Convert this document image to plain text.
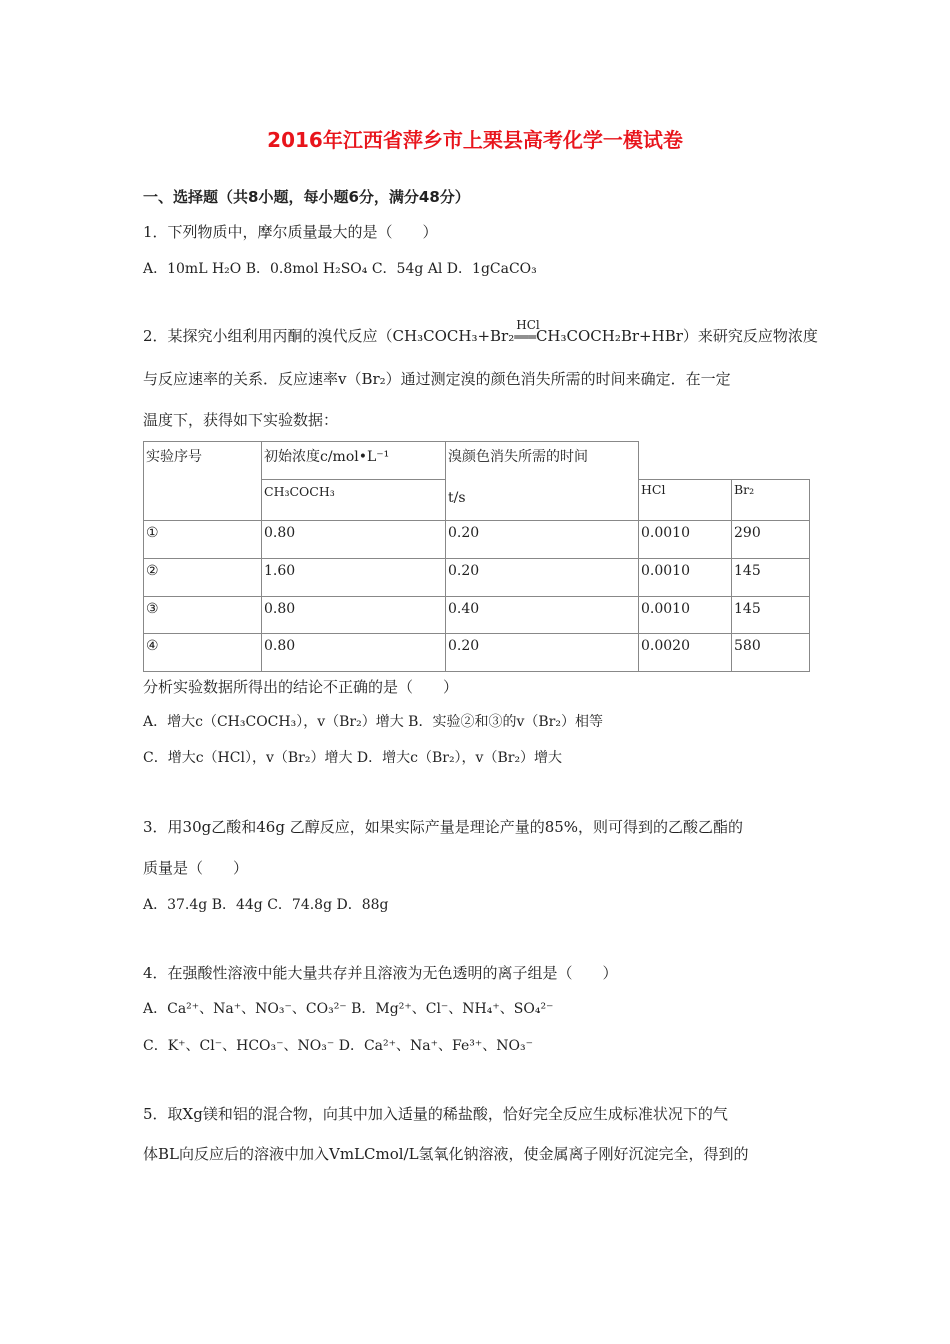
2016年江西省萍乡市上栗县高考化学一模试卷
一、选择题（共8小题，每小题6分，满分48分）
1．下列物质中，摩尔质量最大的是（　　）
A．10mL H₂O B．0.8mol H₂SO₄ C．54g Al D．1gCaCO₃
2．某探究小组利用丙酮的溴代反应（CH₃COCH₃+Br₂
HCl
═══CH₃COCH₂Br+HBr）来研究反应物浓度
与反应速率的关系．反应速率v（Br₂）通过测定溴的颜色消失所需的时间来确定．在一定
温度下，获得如下实验数据：
实验序号	初始浓度c/mol•L⁻¹	溴颜色消失所需的时间		

	CH₃COCH₃	t/s	HCl	Br₂

①	0.80	0.20	0.0010	290

②	1.60	0.20	0.0010	145

③	0.80	0.40	0.0010	145

④	0.80	0.20	0.0020	580
分析实验数据所得出的结论不正确的是（　　）
A．增大c（CH₃COCH₃），v（Br₂）增大 B．实验②和③的v（Br₂）相等
C．增大c（HCl），v（Br₂）增大 D．增大c（Br₂），v（Br₂）增大
3．用30g乙酸和46g 乙醇反应，如果实际产量是理论产量的85%，则可得到的乙酸乙酯的
质量是（　　）
A．37.4g B．44g C．74.8g D．88g
4．在强酸性溶液中能大量共存并且溶液为无色透明的离子组是（　　）
A．Ca²⁺、Na⁺、NO₃⁻、CO₃²⁻ B．Mg²⁺、Cl⁻、NH₄⁺、SO₄²⁻
C．K⁺、Cl⁻、HCO₃⁻、NO₃⁻ D．Ca²⁺、Na⁺、Fe³⁺、NO₃⁻
5．取Xg镁和铝的混合物，向其中加入适量的稀盐酸，恰好完全反应生成标准状况下的气
体BL向反应后的溶液中加入VmLCmol/L氢氧化钠溶液，使金属离子刚好沉淀完全，得到的
